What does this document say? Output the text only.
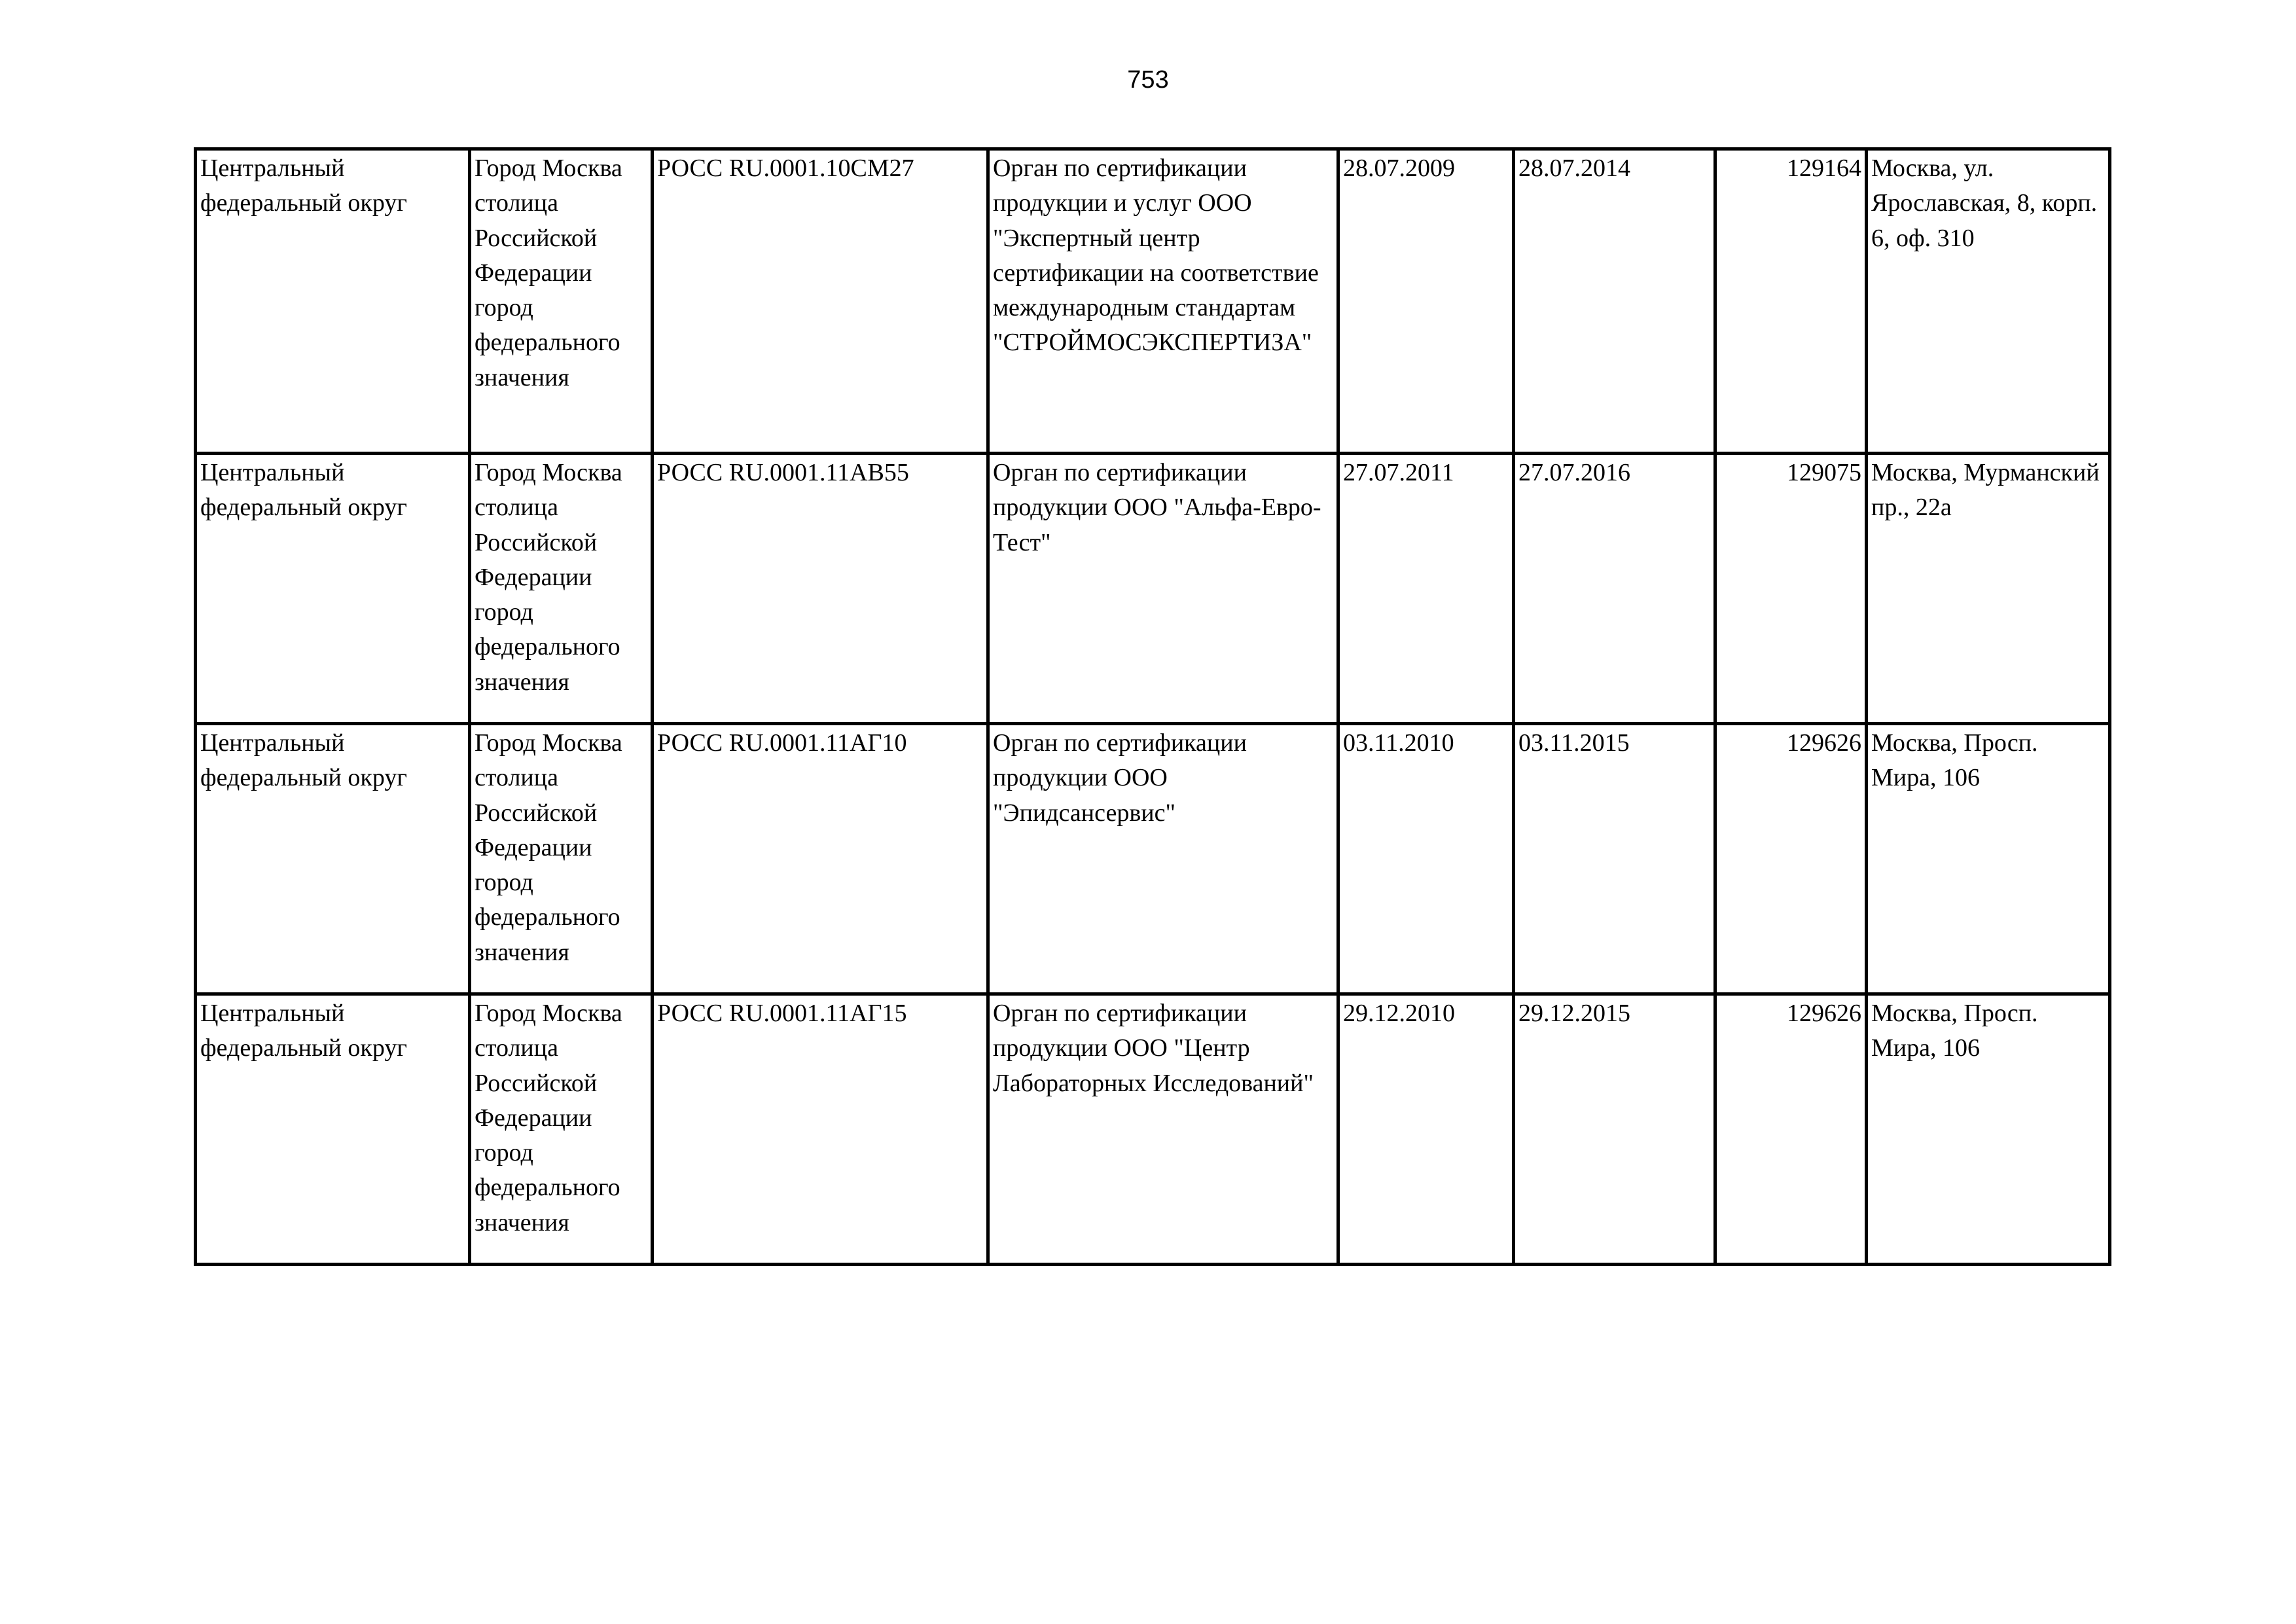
753
Центральный федеральный округ	Город Москва столица Российской Федерации город федерального значения	РОСС RU.0001.10СМ27	Орган по сертификации продукции и услуг ООО "Экспертный центр сертификации на соответствие международным стандартам "СТРОЙМОСЭКСПЕРТИЗА"	28.07.2009	28.07.2014	129164	Москва, ул. Ярославская, 8, корп. 6, оф. 310

Центральный федеральный округ	Город Москва столица Российской Федерации город федерального значения	РОСС RU.0001.11АВ55	Орган по сертификации продукции ООО "Альфа-Евро-Тест"	27.07.2011	27.07.2016	129075	Москва, Мурманский пр., 22а

Центральный федеральный округ	Город Москва столица Российской Федерации город федерального значения	РОСС RU.0001.11АГ10	Орган по сертификации продукции ООО "Эпидсансервис"	03.11.2010	03.11.2015	129626	Москва, Просп. Мира, 106

Центральный федеральный округ	Город Москва столица Российской Федерации город федерального значения	РОСС RU.0001.11АГ15	Орган по сертификации продукции ООО "Центр Лабораторных Исследований"	29.12.2010	29.12.2015	129626	Москва, Просп. Мира, 106
